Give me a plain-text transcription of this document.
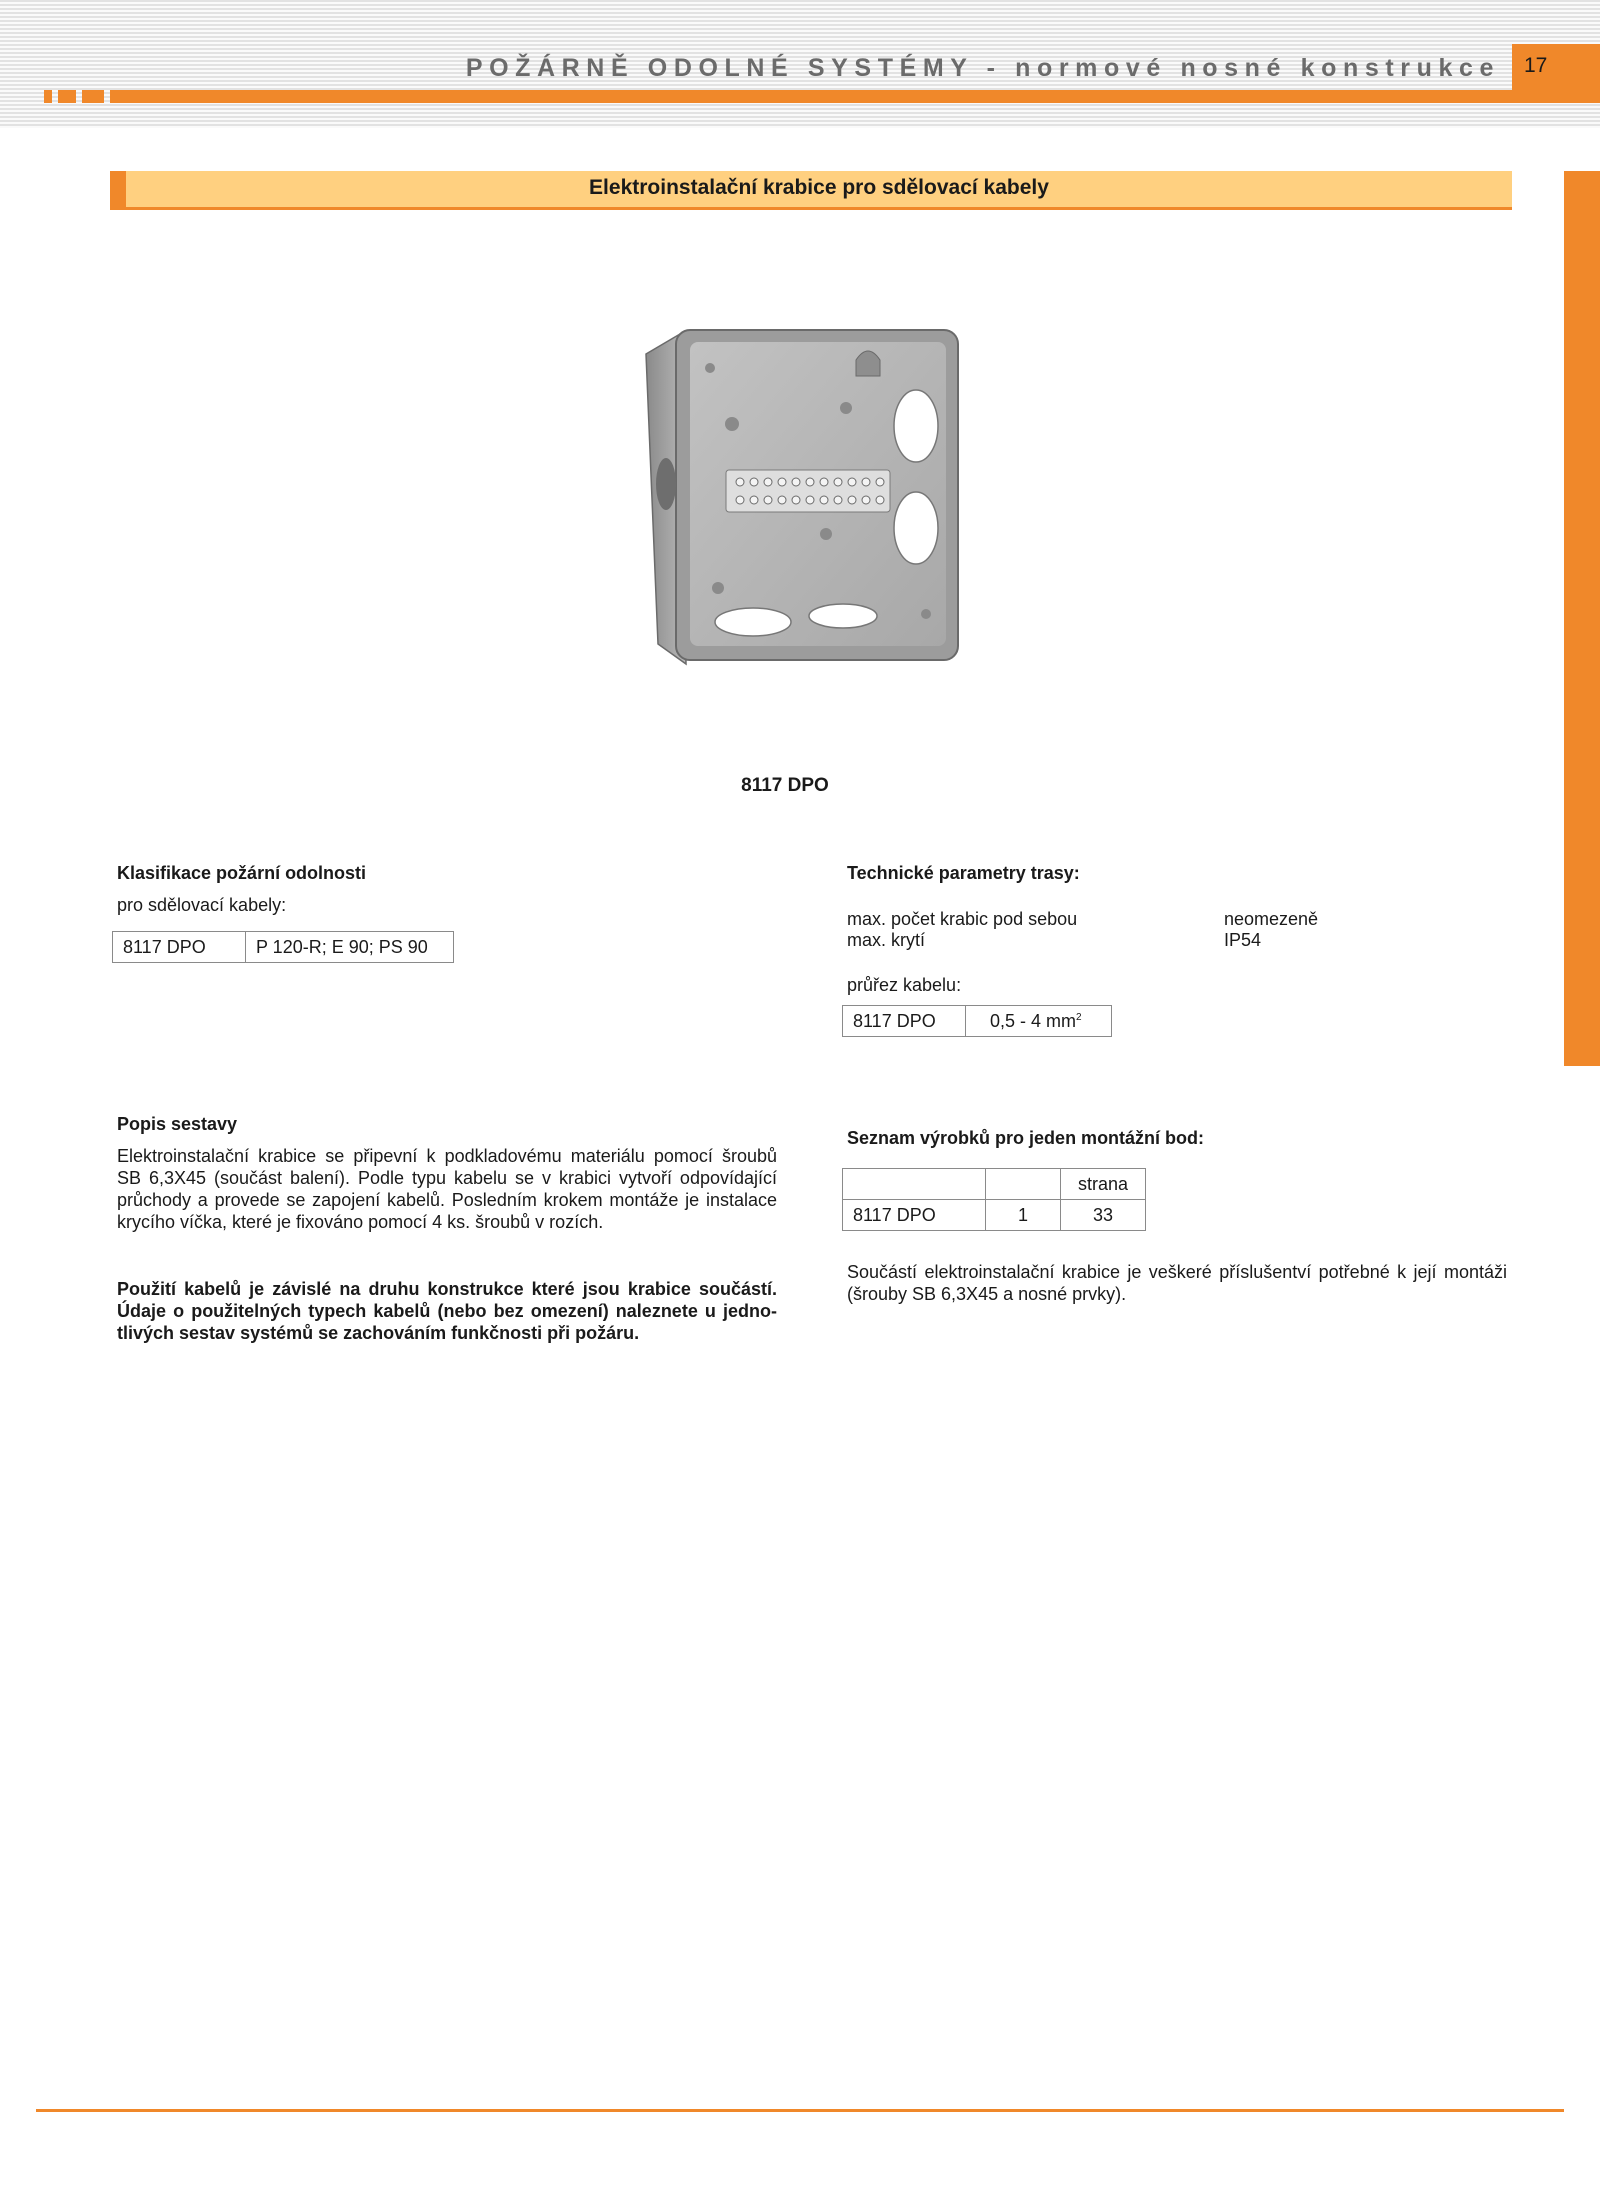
POŽÁRNĚ ODOLNÉ SYSTÉMY - normové nosné konstrukce 17
Elektroinstalační krabice pro sdělovací kabely
8117 DPO
Klasifikace požární odolnosti
pro sdělovací kabely:
8117 DPO	P 120-R; E 90; PS 90
Technické parametry trasy:
max. počet krabic pod sebou	neomezeně
max. krytí	IP54
průřez kabelu:
8117 DPO	0,5 - 4 $mm^2$
Popis sestavy
Elektroinstalační krabice se připevní k podkladovému materiálu pomocí šroubů
SB 6,3X45 (součást balení). Podle typu kabelu se v krabici vytvoří odpovídající
průchody a provede se zapojení kabelů. Posledním krokem montáže je instalace
krycího víčka, které je fixováno pomocí 4 ks. šroubů v rozích.
Použití kabelů je závislé na druhu konstrukce které jsou krabice součástí.
Údaje o použitelných typech kabelů (nebo bez omezení) naleznete u jedno-
tlivých sestav systémů se zachováním funkčnosti při požáru.
Seznam výrobků pro jeden montážní bod:
		strana
8117 DPO	1	33
Součástí elektroinstalační krabice je veškeré příslušentví potřebné k její montáži
(šrouby SB 6,3X45 a nosné prvky).
